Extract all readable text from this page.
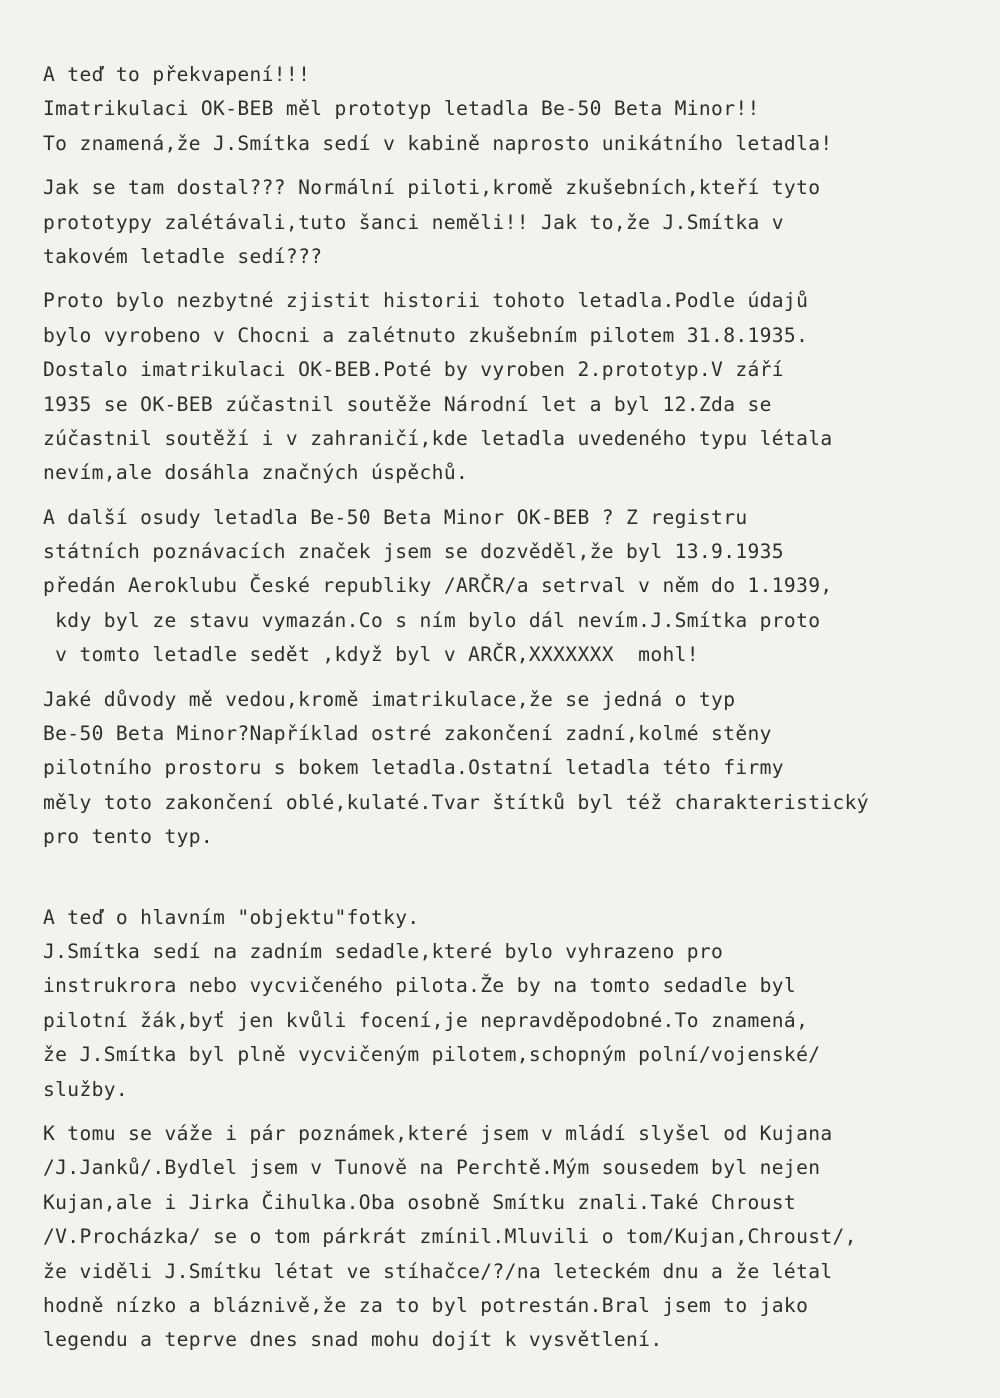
A teď to překvapení!!!
Imatrikulaci OK-BEB měl prototyp letadla Be-50 Beta Minor!!
To znamená,že J.Smítka sedí v kabině naprosto unikátního letadla!
Jak se tam dostal??? Normální piloti,kromě zkušebních,kteří tyto
prototypy zalétávali,tuto šanci neměli!! Jak to,že J.Smítka v
takovém letadle sedí???
Proto bylo nezbytné zjistit historii tohoto letadla.Podle údajů
bylo vyrobeno v Chocni a zalétnuto zkušebním pilotem 31.8.1935.
Dostalo imatrikulaci OK-BEB.Poté by vyroben 2.prototyp.V září
1935 se OK-BEB zúčastnil soutěže Národní let a byl 12.Zda se
zúčastnil soutěží i v zahraničí,kde letadla uvedeného typu létala
nevím,ale dosáhla značných úspěchů.
A další osudy letadla Be-50 Beta Minor OK-BEB ? Z registru
státních poznávacích značek jsem se dozvěděl,že byl 13.9.1935
předán Aeroklubu České republiky /ARČR/a setrval v něm do 1.1939,
kdy byl ze stavu vymazán.Co s ním bylo dál nevím.J.Smítka proto
v tomto letadle sedět ,když byl v ARČR,XXXXXXX  mohl!
Jaké důvody mě vedou,kromě imatrikulace,že se jedná o typ
Be-50 Beta Minor?Například ostré zakončení zadní,kolmé stěny
pilotního prostoru s bokem letadla.Ostatní letadla této firmy
měly toto zakončení oblé,kulaté.Tvar štítků byl též charakteristický
pro tento typ.
A teď o hlavním "objektu"fotky.
J.Smítka sedí na zadním sedadle,které bylo vyhrazeno pro
instrukrora nebo vycvičeného pilota.Že by na tomto sedadle byl
pilotní žák,byť jen kvůli focení,je nepravděpodobné.To znamená,
že J.Smítka byl plně vycvičeným pilotem,schopným polní/vojenské/
služby.
K tomu se váže i pár poznámek,které jsem v mládí slyšel od Kujana
/J.Janků/.Bydlel jsem v Tunově na Perchtě.Mým sousedem byl nejen
Kujan,ale i Jirka Čihulka.Oba osobně Smítku znali.Také Chroust
/V.Procházka/ se o tom párkrát zmínil.Mluvili o tom/Kujan,Chroust/,
že viděli J.Smítku létat ve stíhačce/?/na leteckém dnu a že létal
hodně nízko a bláznivě,že za to byl potrestán.Bral jsem to jako
legendu a teprve dnes snad mohu dojít k vysvětlení.
